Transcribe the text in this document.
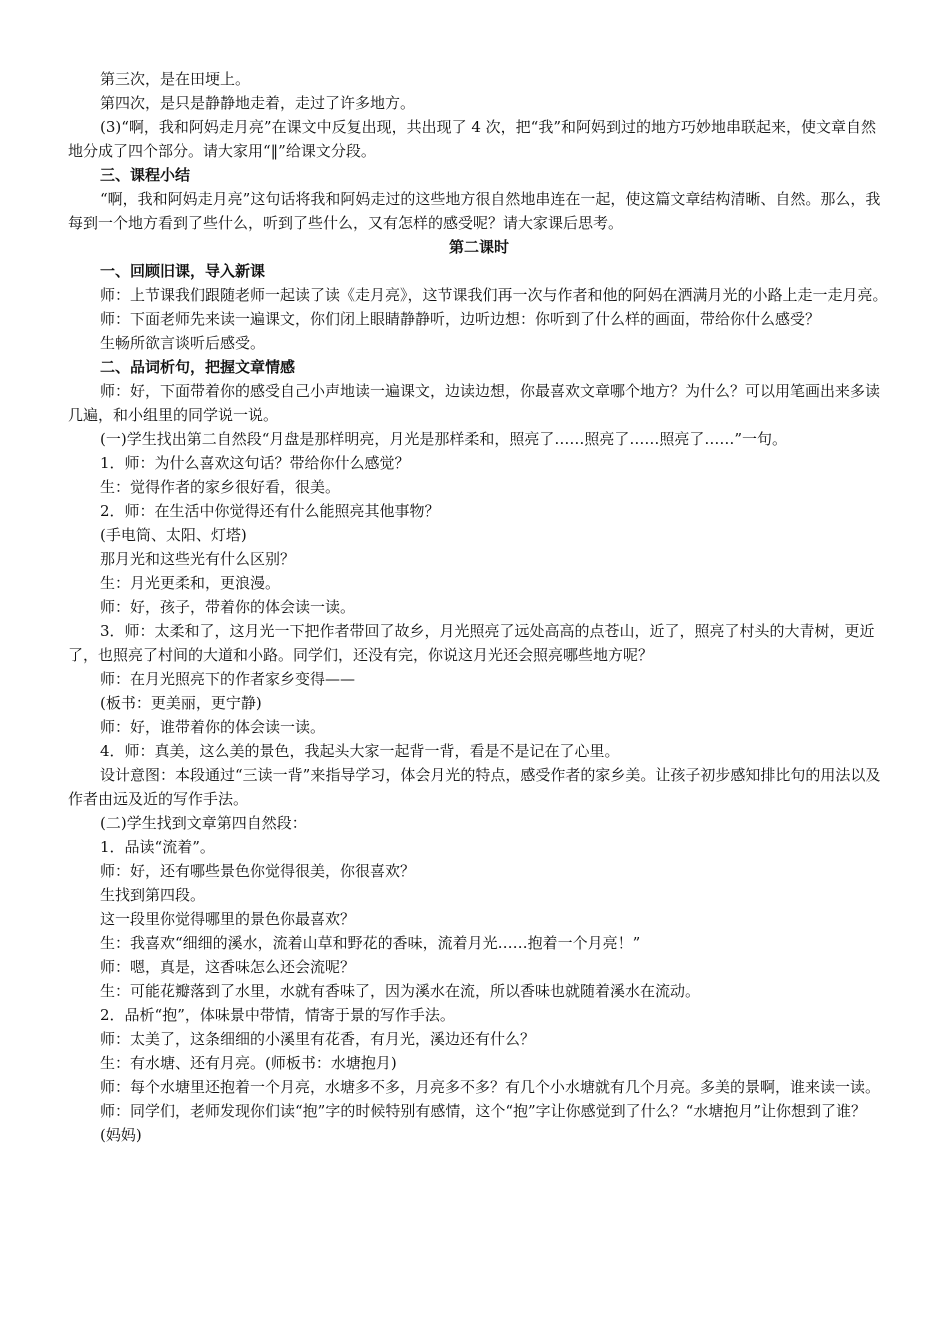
第三次，是在田埂上。

第四次，是只是静静地走着，走过了许多地方。

(3)“啊，我和阿妈走月亮”在课文中反复出现，共出现了 4 次，把“我”和阿妈到过的地方巧妙地串联起来，使文章自然地分成了四个部分。请大家用“‖”给课文分段。

三、课程小结

“啊，我和阿妈走月亮”这句话将我和阿妈走过的这些地方很自然地串连在一起，使这篇文章结构清晰、自然。那么，我每到一个地方看到了些什么，听到了些什么，又有怎样的感受呢？请大家课后思考。

第二课时

一、回顾旧课，导入新课

师：上节课我们跟随老师一起读了读《走月亮》，这节课我们再一次与作者和他的阿妈在洒满月光的小路上走一走月亮。

师：下面老师先来读一遍课文，你们闭上眼睛静静听，边听边想：你听到了什么样的画面，带给你什么感受？

生畅所欲言谈听后感受。

二、品词析句，把握文章情感

师：好，下面带着你的感受自己小声地读一遍课文，边读边想，你最喜欢文章哪个地方？为什么？可以用笔画出来多读几遍，和小组里的同学说一说。

(一)学生找出第二自然段“月盘是那样明亮，月光是那样柔和，照亮了……照亮了……照亮了……”一句。

1．师：为什么喜欢这句话？带给你什么感觉？

生：觉得作者的家乡很好看，很美。

2．师：在生活中你觉得还有什么能照亮其他事物？

(手电筒、太阳、灯塔)

那月光和这些光有什么区别？

生：月光更柔和，更浪漫。

师：好，孩子，带着你的体会读一读。

3．师：太柔和了，这月光一下把作者带回了故乡，月光照亮了远处高高的点苍山，近了，照亮了村头的大青树，更近了，也照亮了村间的大道和小路。同学们，还没有完，你说这月光还会照亮哪些地方呢？

师：在月光照亮下的作者家乡变得——

(板书：更美丽，更宁静)

师：好，谁带着你的体会读一读。

4．师：真美，这么美的景色，我起头大家一起背一背，看是不是记在了心里。

设计意图：本段通过“三读一背”来指导学习，体会月光的特点，感受作者的家乡美。让孩子初步感知排比句的用法以及作者由远及近的写作手法。

(二)学生找到文章第四自然段：

1．品读“流着”。

师：好，还有哪些景色你觉得很美，你很喜欢？

生找到第四段。

这一段里你觉得哪里的景色你最喜欢？

生：我喜欢“细细的溪水，流着山草和野花的香味，流着月光……抱着一个月亮！”

师：嗯，真是，这香味怎么还会流呢？

生：可能花瓣落到了水里，水就有香味了，因为溪水在流，所以香味也就随着溪水在流动。

2．品析“抱”，体味景中带情，情寄于景的写作手法。

师：太美了，这条细细的小溪里有花香，有月光，溪边还有什么？

生：有水塘、还有月亮。(师板书：水塘抱月)

师：每个水塘里还抱着一个月亮，水塘多不多，月亮多不多？有几个小水塘就有几个月亮。多美的景啊，谁来读一读。

师：同学们，老师发现你们读“抱”字的时候特别有感情，这个“抱”字让你感觉到了什么？“水塘抱月”让你想到了谁？

(妈妈)
